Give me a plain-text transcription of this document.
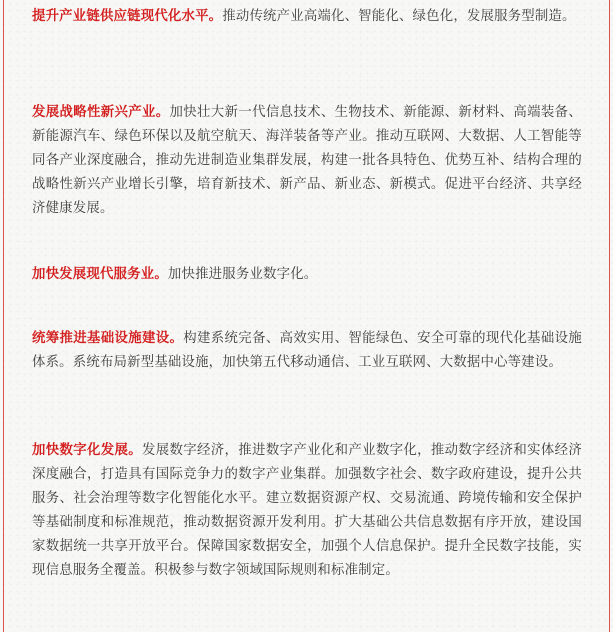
提升产业链供应链现代化水平。推动传统产业高端化、智能化、绿色化，发展服务型制造。

发展战略性新兴产业。加快壮大新一代信息技术、生物技术、新能源、新材料、高端装备、新能源汽车、绿色环保以及航空航天、海洋装备等产业。推动互联网、大数据、人工智能等同各产业深度融合，推动先进制造业集群发展，构建一批各具特色、优势互补、结构合理的战略性新兴产业增长引擎，培育新技术、新产品、新业态、新模式。促进平台经济、共享经济健康发展。

加快发展现代服务业。加快推进服务业数字化。

统筹推进基础设施建设。构建系统完备、高效实用、智能绿色、安全可靠的现代化基础设施体系。系统布局新型基础设施，加快第五代移动通信、工业互联网、大数据中心等建设。

加快数字化发展。发展数字经济，推进数字产业化和产业数字化，推动数字经济和实体经济深度融合，打造具有国际竞争力的数字产业集群。加强数字社会、数字政府建设，提升公共服务、社会治理等数字化智能化水平。建立数据资源产权、交易流通、跨境传输和安全保护等基础制度和标准规范，推动数据资源开发利用。扩大基础公共信息数据有序开放，建设国家数据统一共享开放平台。保障国家数据安全，加强个人信息保护。提升全民数字技能，实现信息服务全覆盖。积极参与数字领域国际规则和标准制定。
